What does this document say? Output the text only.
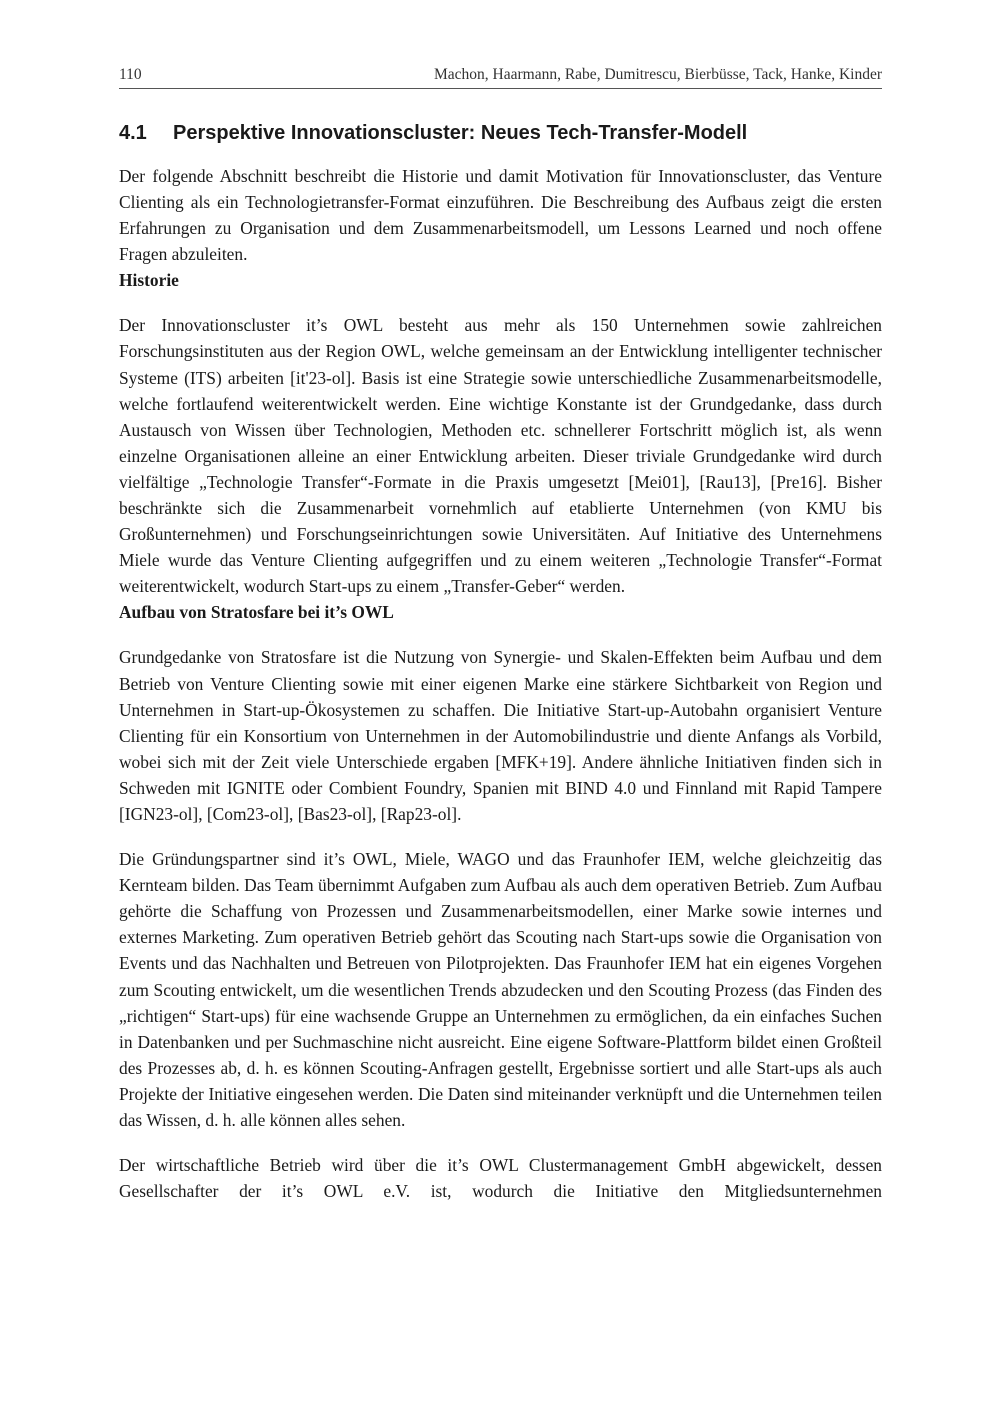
110	Machon, Haarmann, Rabe, Dumitrescu, Bierbüsse, Tack, Hanke, Kinder
4.1 Perspektive Innovationscluster: Neues Tech-Transfer-Modell

Der folgende Abschnitt beschreibt die Historie und damit Motivation für Innovationscluster, das Venture Clienting als ein Technologietransfer-Format einzuführen. Die Beschreibung des Aufbaus zeigt die ersten Erfahrungen zu Organisation und dem Zusammenarbeitsmodell, um Lessons Learned und noch offene Fragen abzuleiten.

Historie

Der Innovationscluster it’s OWL besteht aus mehr als 150 Unternehmen sowie zahlreichen Forschungsinstituten aus der Region OWL, welche gemeinsam an der Entwicklung intelligenter technischer Systeme (ITS) arbeiten [it'23-ol]. Basis ist eine Strategie sowie unterschiedliche Zusammenarbeitsmodelle, welche fortlaufend weiterentwickelt werden. Eine wichtige Konstante ist der Grundgedanke, dass durch Austausch von Wissen über Technologien, Methoden etc. schnellerer Fortschritt möglich ist, als wenn einzelne Organisationen alleine an einer Entwicklung arbeiten. Dieser triviale Grundgedanke wird durch vielfältige „Technologie Transfer“-Formate in die Praxis umgesetzt [Mei01], [Rau13], [Pre16]. Bisher beschränkte sich die Zusammenarbeit vornehmlich auf etablierte Unternehmen (von KMU bis Großunternehmen) und Forschungseinrichtungen sowie Universitäten. Auf Initiative des Unternehmens Miele wurde das Venture Clienting aufgegriffen und zu einem weiteren „Technologie Transfer“-Format weiterentwickelt, wodurch Start-ups zu einem „Transfer-Geber“ werden.

Aufbau von Stratosfare bei it’s OWL

Grundgedanke von Stratosfare ist die Nutzung von Synergie- und Skalen-Effekten beim Aufbau und dem Betrieb von Venture Clienting sowie mit einer eigenen Marke eine stärkere Sichtbarkeit von Region und Unternehmen in Start-up-Ökosystemen zu schaffen. Die Initiative Start-up-Autobahn organisiert Venture Clienting für ein Konsortium von Unternehmen in der Automobilindustrie und diente Anfangs als Vorbild, wobei sich mit der Zeit viele Unterschiede ergaben [MFK+19]. Andere ähnliche Initiativen finden sich in Schweden mit IGNITE oder Combient Foundry, Spanien mit BIND 4.0 und Finnland mit Rapid Tampere [IGN23-ol], [Com23-ol], [Bas23-ol], [Rap23-ol].

Die Gründungspartner sind it’s OWL, Miele, WAGO und das Fraunhofer IEM, welche gleichzeitig das Kernteam bilden. Das Team übernimmt Aufgaben zum Aufbau als auch dem operativen Betrieb. Zum Aufbau gehörte die Schaffung von Prozessen und Zusammenarbeitsmodellen, einer Marke sowie internes und externes Marketing. Zum operativen Betrieb gehört das Scouting nach Start-ups sowie die Organisation von Events und das Nachhalten und Betreuen von Pilotprojekten. Das Fraunhofer IEM hat ein eigenes Vorgehen zum Scouting entwickelt, um die wesentlichen Trends abzudecken und den Scouting Prozess (das Finden des „richtigen“ Start-ups) für eine wachsende Gruppe an Unternehmen zu ermöglichen, da ein einfaches Suchen in Datenbanken und per Suchmaschine nicht ausreicht. Eine eigene Software-Plattform bildet einen Großteil des Prozesses ab, d. h. es können Scouting-Anfragen gestellt, Ergebnisse sortiert und alle Start-ups als auch Projekte der Initiative eingesehen werden. Die Daten sind miteinander verknüpft und die Unternehmen teilen das Wissen, d. h. alle können alles sehen.

Der wirtschaftliche Betrieb wird über die it’s OWL Clustermanagement GmbH abgewickelt, dessen Gesellschafter der it’s OWL e.V. ist, wodurch die Initiative den Mitgliedsunternehmen
